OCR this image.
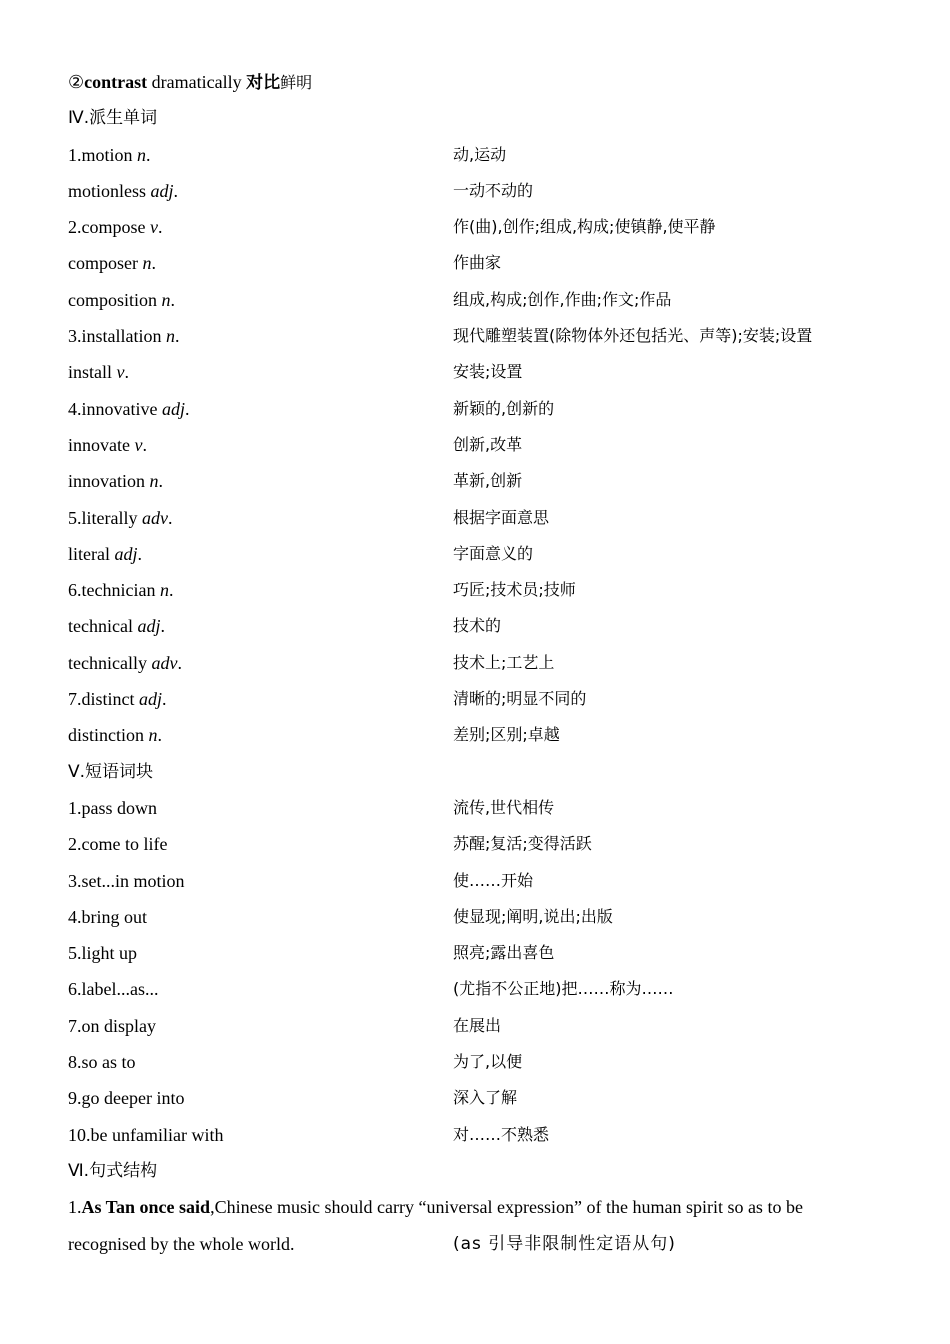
②contrast dramatically 对比鲜明
Ⅳ.派生单词
1.motion n.	动,运动
motionless adj.	一动不动的
2.compose v.	作(曲),创作;组成,构成;使镇静,使平静
composer n.	作曲家
composition n.	组成,构成;创作,作曲;作文;作品
3.installation n.	现代雕塑装置(除物体外还包括光、声等);安装;设置
install v.	安装;设置
4.innovative adj.	新颖的,创新的
innovate v.	创新,改革
innovation n.	革新,创新
5.literally adv.	根据字面意思
literal adj.	字面意义的
6.technician n.	巧匠;技术员;技师
technical adj.	技术的
technically adv.	技术上;工艺上
7.distinct adj.	清晰的;明显不同的
distinction n.	差别;区别;卓越
Ⅴ.短语词块
1.pass down	流传,世代相传
2.come to life	苏醒;复活;变得活跃
3.set...in motion	使……开始
4.bring out	使显现;阐明,说出;出版
5.light up	照亮;露出喜色
6.label...as...	(尤指不公正地)把……称为……
7.on display	在展出
8.so as to	为了,以便
9.go deeper into	深入了解
10.be unfamiliar with	对……不熟悉
Ⅵ.句式结构
1.As Tan once said,Chinese music should carry “universal expression” of the human spirit so as to be
recognised by the whole world.	(as 引导非限制性定语从句)
